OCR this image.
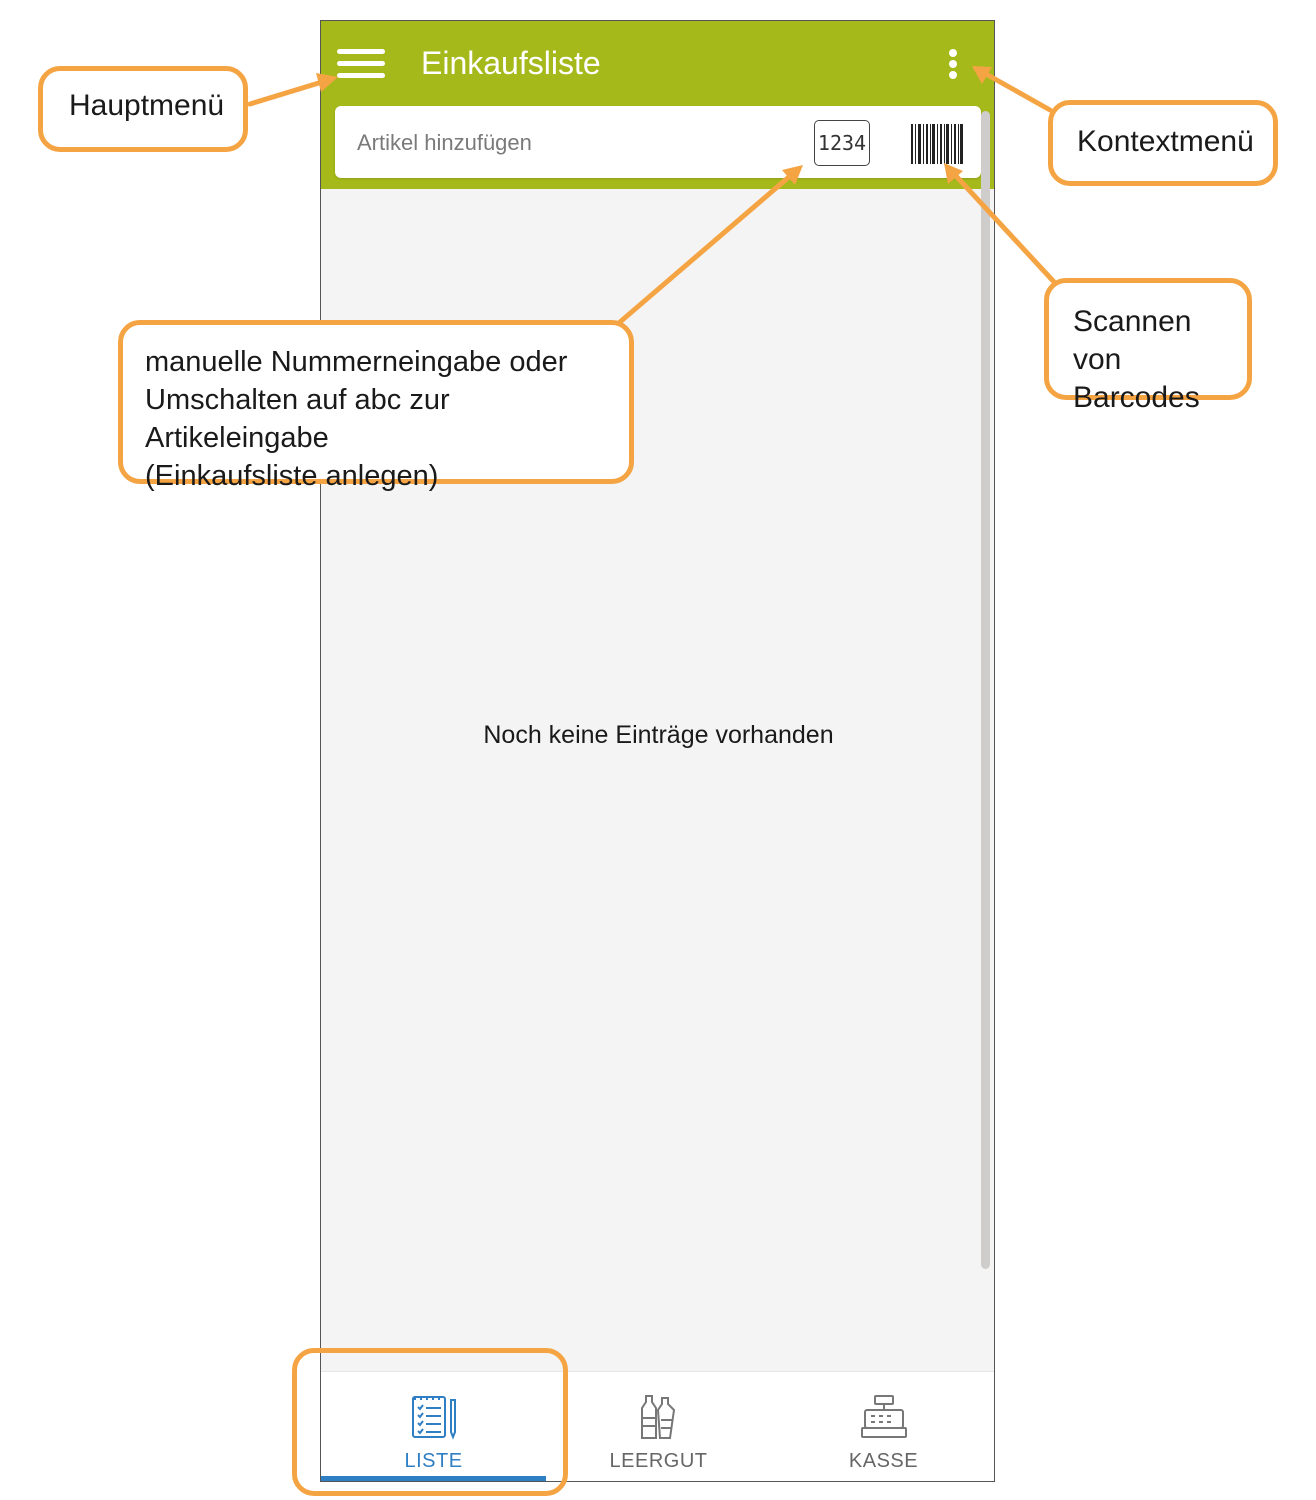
Einkaufsliste
Artikel hinzufügen
1234
Noch keine Einträge vorhanden
LISTE	LEERGUT	KASSE
Hauptmenü
Kontextmenü
Scannen von
Barcodes
manuelle Nummerneingabe oder
Umschalten auf abc zur Artikeleingabe
(Einkaufsliste anlegen)
